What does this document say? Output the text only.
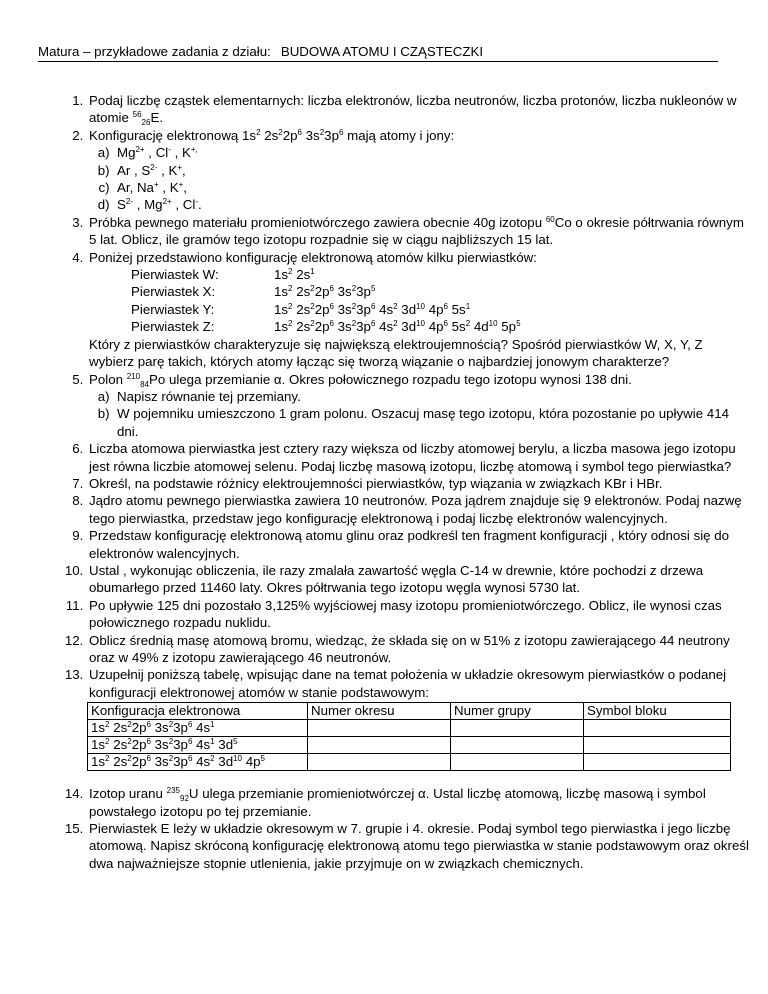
Matura – przykładowe zadania z działu: BUDOWA ATOMU I CZĄSTECZKI
1. Podaj liczbę cząstek elementarnych: liczba elektronów, liczba neutronów, liczba protonów, liczba nukleonów w atomie $^{56}_{26}$E.
2. Konfigurację elektronową $1s^2$ $2s^22p^6$ $3s^23p^6$ mają atomy i jony:
a. $Mg^{2+}$ , Cl- , K+,
b. Ar , $S^{2-}$ , K+,
c. Ar, Na+ , K+,
d. $S^{2-}$ , $Mg^{2+}$ , Cl-.
3. Próbka pewnego materiału promieniotwórczego zawiera obecnie 40g izotopu $^{60}$Co o okresie półtrwania równym 5 lat. Oblicz, ile gramów tego izotopu rozpadnie się w ciągu najbliższych 15 lat.
4. Poniżej przedstawiono konfigurację elektronową atomów kilku pierwiastków:
Pierwiastek W:	$1s^2$ $2s^1$
Pierwiastek X:	$1s^2$ $2s^22p^6$ $3s^23p^5$
Pierwiastek Y:	$1s^2$ $2s^22p^6$ $3s^23p^6$ $4s^2$ $3d^{10}$ $4p^6$ $5s^1$
Pierwiastek Z:	$1s^2$ $2s^22p^6$ $3s^23p^6$ $4s^2$ $3d^{10}$ $4p^6$ $5s^2$ $4d^{10}$ $5p^5$
Który z pierwiastków charakteryzuje się największą elektroujemnością? Spośród pierwiastków W, X, Y, Z wybierz parę takich, których atomy łącząc się tworzą wiązanie o najbardziej jonowym charakterze?
5. Polon $^{210}_{84}$Po ulega przemianie α. Okres połowicznego rozpadu tego izotopu wynosi 138 dni.
a. Napisz równanie tej przemiany.
b. W pojemniku umieszczono 1 gram polonu. Oszacuj masę tego izotopu, która pozostanie po upływie 414 dni.
6. Liczba atomowa pierwiastka jest cztery razy większa od liczby atomowej berylu, a liczba masowa jego izotopu jest równa liczbie atomowej selenu. Podaj liczbę masową izotopu, liczbę atomową i symbol tego pierwiastka?
7. Określ, na podstawie różnicy elektroujemności pierwiastków, typ wiązania w związkach KBr i HBr.
8. Jądro atomu pewnego pierwiastka zawiera 10 neutronów. Poza jądrem znajduje się 9 elektronów. Podaj nazwę tego pierwiastka, przedstaw jego konfigurację elektronową i podaj liczbę elektronów walencyjnych.
9. Przedstaw konfigurację elektronową atomu glinu oraz podkreśl ten fragment konfiguracji , który odnosi się do elektronów walencyjnych.
10. Ustal , wykonując obliczenia, ile razy zmalała zawartość węgla C-14 w drewnie, które pochodzi z drzewa obumarłego przed 11460 laty. Okres półtrwania tego izotopu węgla wynosi 5730 lat.
11. Po upływie 125 dni pozostało 3,125% wyjściowej masy izotopu promieniotwórczego. Oblicz, ile wynosi czas połowicznego rozpadu nuklidu.
12. Oblicz średnią masę atomową bromu, wiedząc, że składa się on w 51% z izotopu zawierającego 44 neutrony oraz w 49% z izotopu zawierającego 46 neutronów.
13. Uzupełnij poniższą tabelę, wpisując dane na temat położenia w układzie okresowym pierwiastków o podanej konfiguracji elektronowej atomów w stanie podstawowym:
Konfiguracja elektronowa	Numer okresu	Numer grupy	Symbol bloku
$1s^2$ $2s^22p^6$ $3s^23p^6$ $4s^1$			
$1s^2$ $2s^22p^6$ $3s^23p^6$ $4s^1$ $3d^5$			
$1s^2$ $2s^22p^6$ $3s^23p^6$ $4s^2$ $3d^{10}$ $4p^5$			
14. Izotop uranu $^{235}_{92}$U ulega przemianie promieniotwórczej α. Ustal liczbę atomową, liczbę masową i symbol powstałego izotopu po tej przemianie.
15. Pierwiastek E leży w układzie okresowym w 7. grupie i 4. okresie. Podaj symbol tego pierwiastka i jego liczbę atomową. Napisz skróconą konfigurację elektronową atomu tego pierwiastka w stanie podstawowym oraz określ dwa najważniejsze stopnie utlenienia, jakie przyjmuje on w związkach chemicznych.
